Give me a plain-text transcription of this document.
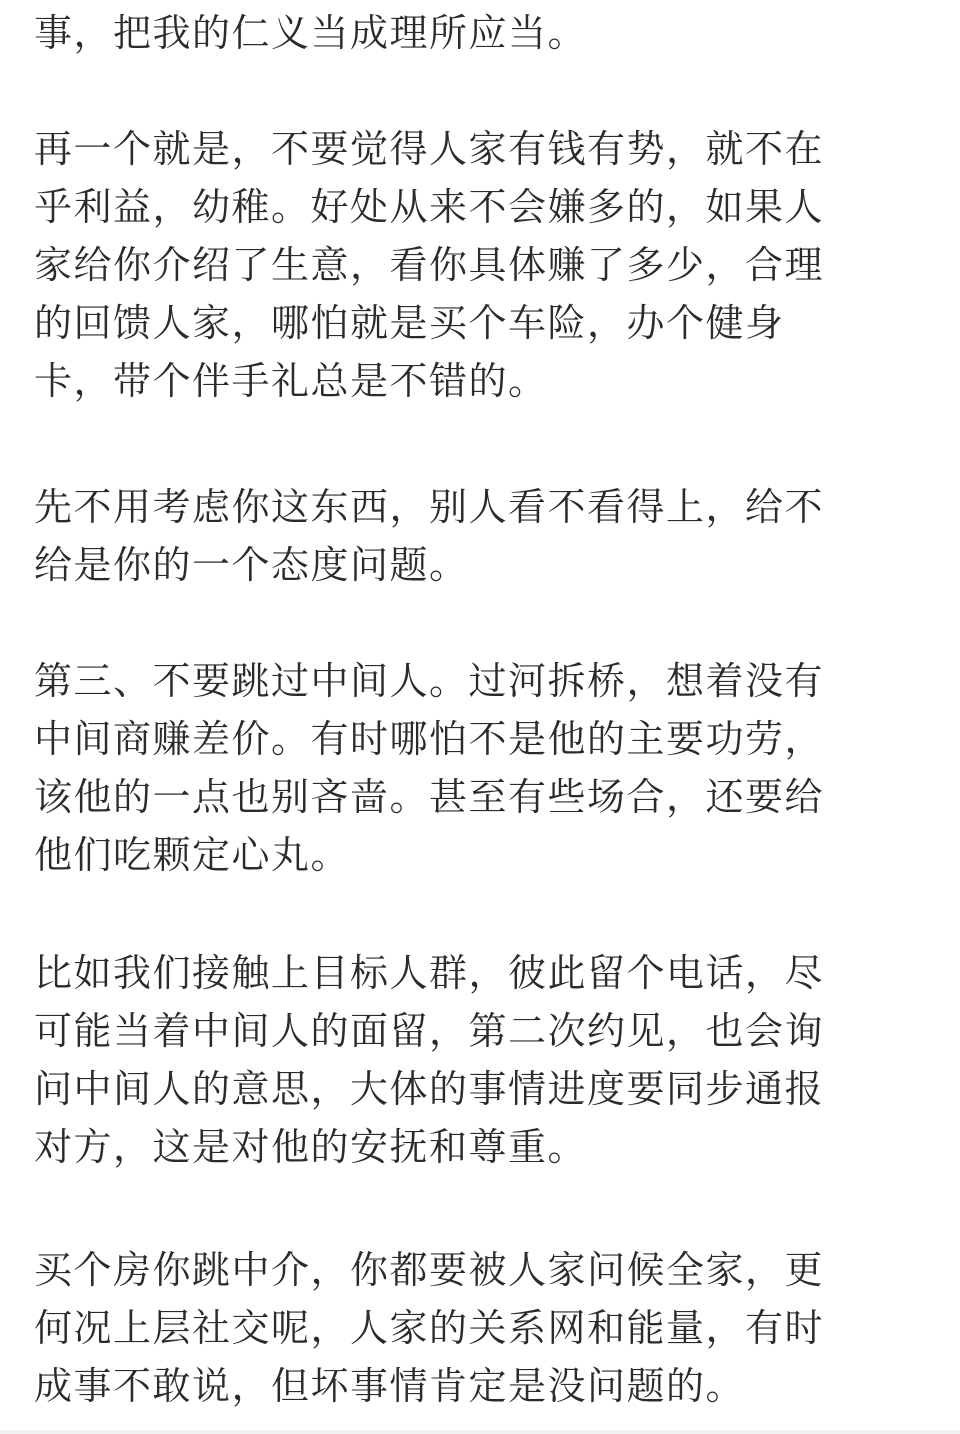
事，把我的仁义当成理所应当。
再一个就是，不要觉得人家有钱有势，就不在
乎利益，幼稚。好处从来不会嫌多的，如果人
家给你介绍了生意，看你具体赚了多少，合理
的回馈人家，哪怕就是买个车险，办个健身
卡，带个伴手礼总是不错的。
先不用考虑你这东西，别人看不看得上，给不
给是你的一个态度问题。
第三、不要跳过中间人。过河拆桥，想着没有
中间商赚差价。有时哪怕不是他的主要功劳，
该他的一点也别吝啬。甚至有些场合，还要给
他们吃颗定心丸。
比如我们接触上目标人群，彼此留个电话，尽
可能当着中间人的面留，第二次约见，也会询
问中间人的意思，大体的事情进度要同步通报
对方，这是对他的安抚和尊重。
买个房你跳中介，你都要被人家问候全家，更
何况上层社交呢，人家的关系网和能量，有时
成事不敢说，但坏事情肯定是没问题的。
